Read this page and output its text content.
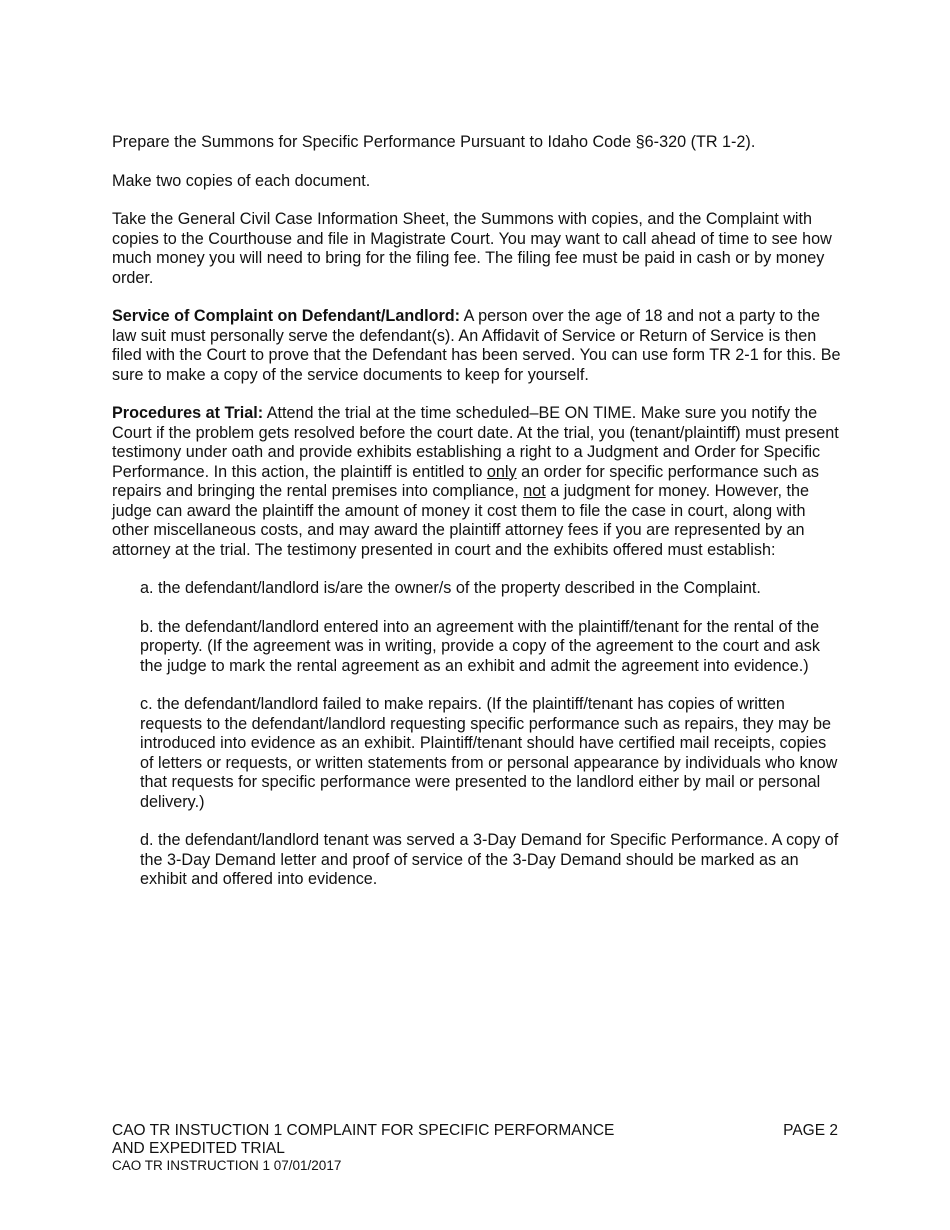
Prepare the Summons for Specific Performance Pursuant to Idaho Code §6-320 (TR 1-2).

Make two copies of each document.

Take the General Civil Case Information Sheet, the Summons with copies, and the Complaint with copies to the Courthouse and file in Magistrate Court. You may want to call ahead of time to see how much money you will need to bring for the filing fee. The filing fee must be paid in cash or by money order.

Service of Complaint on Defendant/Landlord: A person over the age of 18 and not a party to the law suit must personally serve the defendant(s). An Affidavit of Service or Return of Service is then filed with the Court to prove that the Defendant has been served. You can use form TR 2-1 for this. Be sure to make a copy of the service documents to keep for yourself.

Procedures at Trial: Attend the trial at the time scheduled–BE ON TIME. Make sure you notify the Court if the problem gets resolved before the court date. At the trial, you (tenant/plaintiff) must present testimony under oath and provide exhibits establishing a right to a Judgment and Order for Specific Performance. In this action, the plaintiff is entitled to only an order for specific performance such as repairs and bringing the rental premises into compliance, not a judgment for money. However, the judge can award the plaintiff the amount of money it cost them to file the case in court, along with other miscellaneous costs, and may award the plaintiff attorney fees if you are represented by an attorney at the trial. The testimony presented in court and the exhibits offered must establish:

a. the defendant/landlord is/are the owner/s of the property described in the Complaint.

b. the defendant/landlord entered into an agreement with the plaintiff/tenant for the rental of the property. (If the agreement was in writing, provide a copy of the agreement to the court and ask the judge to mark the rental agreement as an exhibit and admit the agreement into evidence.)

c. the defendant/landlord failed to make repairs. (If the plaintiff/tenant has copies of written requests to the defendant/landlord requesting specific performance such as repairs, they may be introduced into evidence as an exhibit. Plaintiff/tenant should have certified mail receipts, copies of letters or requests, or written statements from or personal appearance by individuals who know that requests for specific performance were presented to the landlord either by mail or personal delivery.)

d. the defendant/landlord tenant was served a 3-Day Demand for Specific Performance. A copy of the 3-Day Demand letter and proof of service of the 3-Day Demand should be marked as an exhibit and offered into evidence.

CAO TR INSTUCTION 1 COMPLAINT FOR SPECIFIC PERFORMANCE
AND EXPEDITED TRIAL
CAO TR INSTRUCTION 1 07/01/2017
PAGE 2
